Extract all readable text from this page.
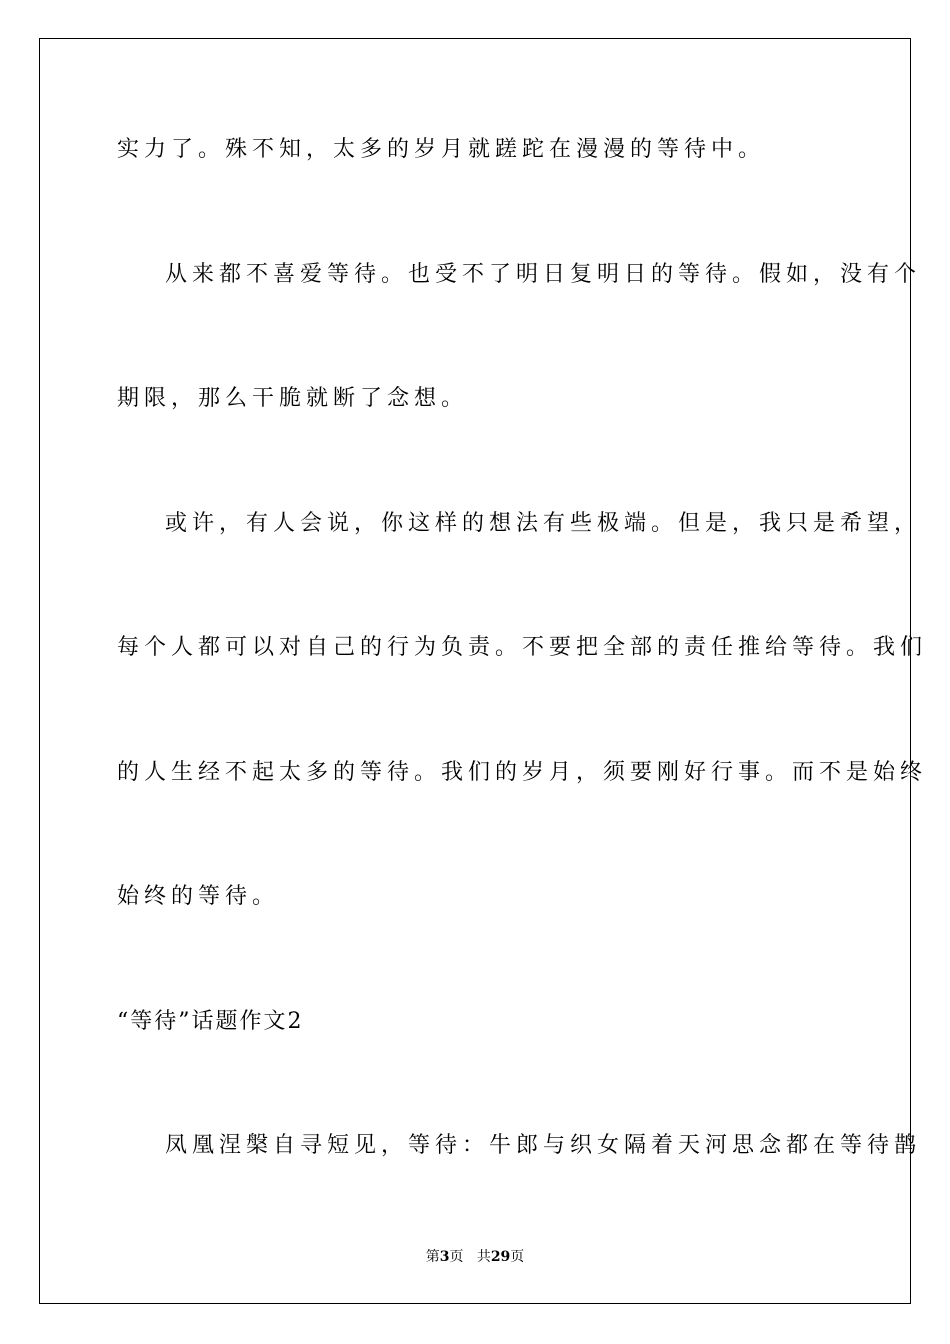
实力了。殊不知，太多的岁月就蹉跎在漫漫的等待中。
从来都不喜爱等待。也受不了明日复明日的等待。假如，没有个
期限，那么干脆就断了念想。
或许，有人会说，你这样的想法有些极端。但是，我只是希望，
每个人都可以对自己的行为负责。不要把全部的责任推给等待。我们
的人生经不起太多的等待。我们的岁月，须要刚好行事。而不是始终
始终的等待。
“等待”话题作文2
凤凰涅槃自寻短见，等待：牛郎与织女隔着天河思念都在等待鹊
第3页 共29页
